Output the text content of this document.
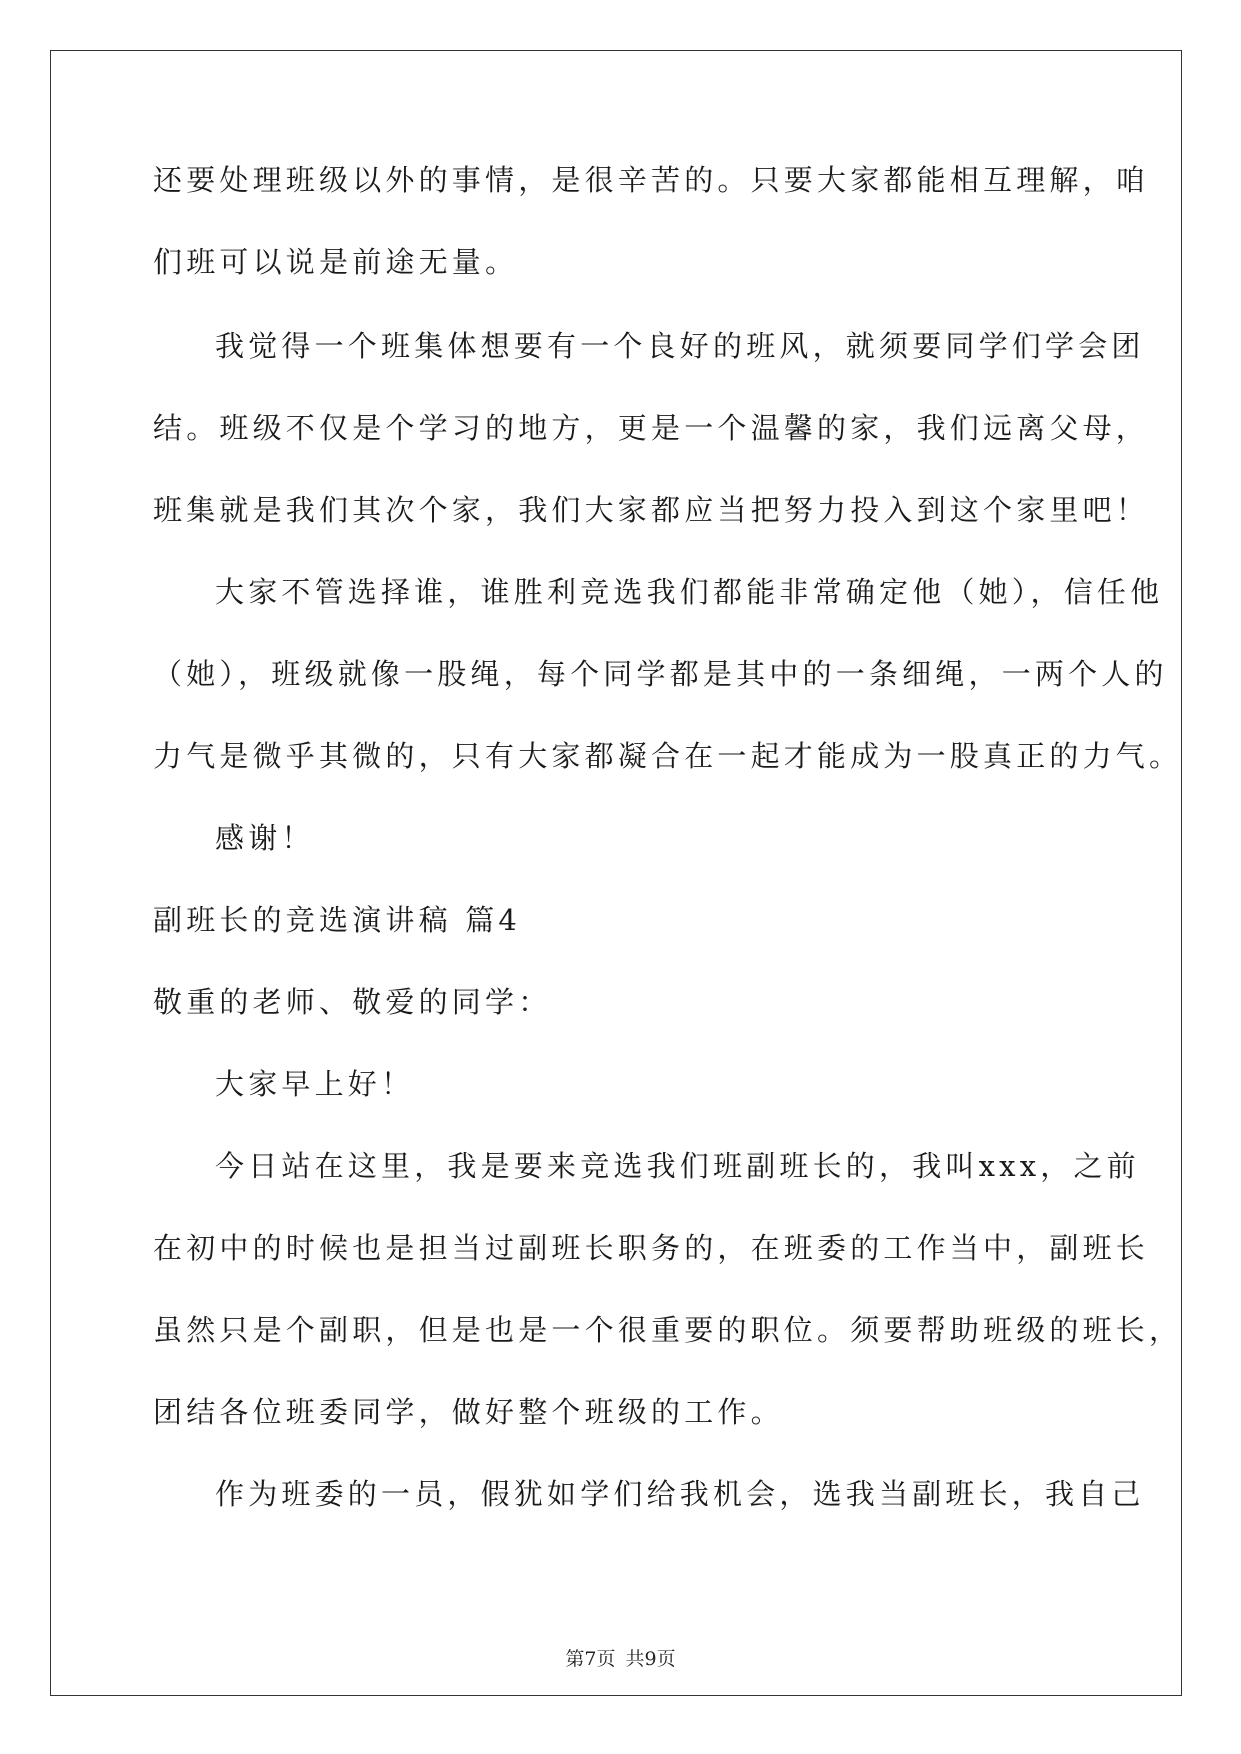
还要处理班级以外的事情，是很辛苦的。只要大家都能相互理解，咱
们班可以说是前途无量。
我觉得一个班集体想要有一个良好的班风，就须要同学们学会团
结。班级不仅是个学习的地方，更是一个温馨的家，我们远离父母，
班集就是我们其次个家，我们大家都应当把努力投入到这个家里吧！
大家不管选择谁，谁胜利竞选我们都能非常确定他（她），信任他
（她），班级就像一股绳，每个同学都是其中的一条细绳，一两个人的
力气是微乎其微的，只有大家都凝合在一起才能成为一股真正的力气。
感谢！
副班长的竞选演讲稿 篇4
敬重的老师、敬爱的同学：
大家早上好！
今日站在这里，我是要来竞选我们班副班长的，我叫xxx，之前
在初中的时候也是担当过副班长职务的，在班委的工作当中，副班长
虽然只是个副职，但是也是一个很重要的职位。须要帮助班级的班长，
团结各位班委同学，做好整个班级的工作。
作为班委的一员，假犹如学们给我机会，选我当副班长，我自己
第7页 共9页
